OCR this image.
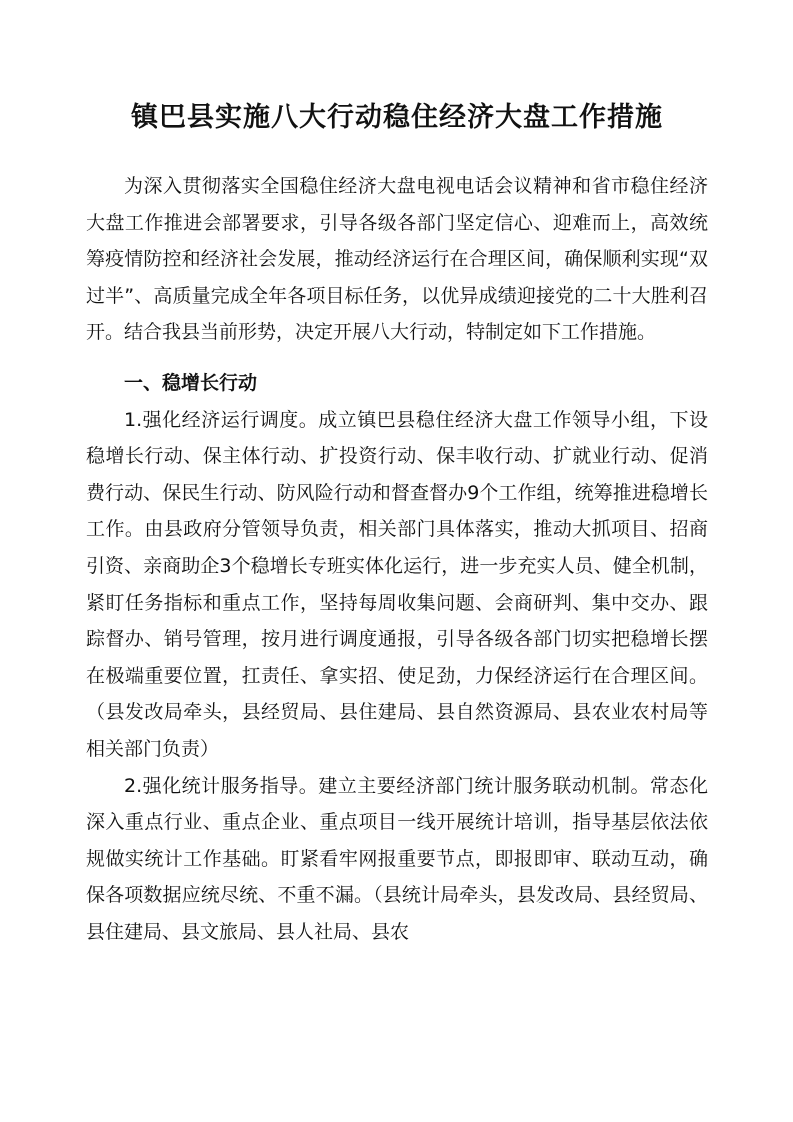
镇巴县实施八大行动稳住经济大盘工作措施

为深入贯彻落实全国稳住经济大盘电视电话会议精神和省市稳住经济大盘工作推进会部署要求，引导各级各部门坚定信心、迎难而上，高效统筹疫情防控和经济社会发展，推动经济运行在合理区间，确保顺利实现“双过半”、高质量完成全年各项目标任务，以优异成绩迎接党的二十大胜利召开。结合我县当前形势，决定开展八大行动，特制定如下工作措施。

一、稳增长行动

1.强化经济运行调度。成立镇巴县稳住经济大盘工作领导小组，下设稳增长行动、保主体行动、扩投资行动、保丰收行动、扩就业行动、促消费行动、保民生行动、防风险行动和督查督办9个工作组，统筹推进稳增长工作。由县政府分管领导负责，相关部门具体落实，推动大抓项目、招商引资、亲商助企3个稳增长专班实体化运行，进一步充实人员、健全机制，紧盯任务指标和重点工作，坚持每周收集问题、会商研判、集中交办、跟踪督办、销号管理，按月进行调度通报，引导各级各部门切实把稳增长摆在极端重要位置，扛责任、拿实招、使足劲，力保经济运行在合理区间。（县发改局牵头，县经贸局、县住建局、县自然资源局、县农业农村局等相关部门负责）

2.强化统计服务指导。建立主要经济部门统计服务联动机制。常态化深入重点行业、重点企业、重点项目一线开展统计培训，指导基层依法依规做实统计工作基础。盯紧看牢网报重要节点，即报即审、联动互动，确保各项数据应统尽统、不重不漏。（县统计局牵头，县发改局、县经贸局、县住建局、县文旅局、县人社局、县农
